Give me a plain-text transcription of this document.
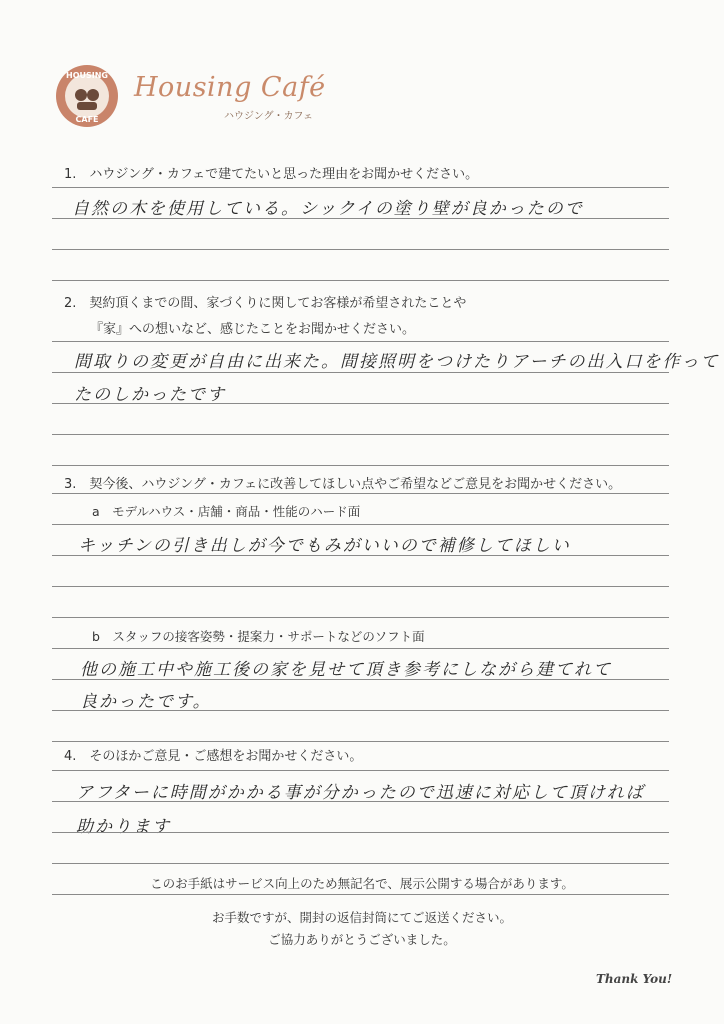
HOUSING
CAFE
Housing Café
ハウジング・カフェ
1.　ハウジング・カフェで建てたいと思った理由をお聞かせください。
自然の木を使用している。シックイの塗り壁が良かったので
2.　契約頂くまでの間、家づくりに関してお客様が希望されたことや
『家』への想いなど、感じたことをお聞かせください。
間取りの変更が自由に出来た。間接照明をつけたりアーチの出入口を作って
たのしかったです
3.　契今後、ハウジング・カフェに改善してほしい点やご希望などご意見をお聞かせください。
a　モデルハウス・店舗・商品・性能のハード面
キッチンの引き出しが今でもみがいいので補修してほしい
b　スタッフの接客姿勢・提案力・サポートなどのソフト面
他の施工中や施工後の家を見せて頂き参考にしながら建てれて
良かったです。
4.　そのほかご意見・ご感想をお聞かせください。
アフターに時間がかかる事が分かったので迅速に対応して頂ければ
助かります
このお手紙はサービス向上のため無記名で、展示公開する場合があります。
お手数ですが、開封の返信封筒にてご返送ください。
ご協力ありがとうございました。
Thank You!
